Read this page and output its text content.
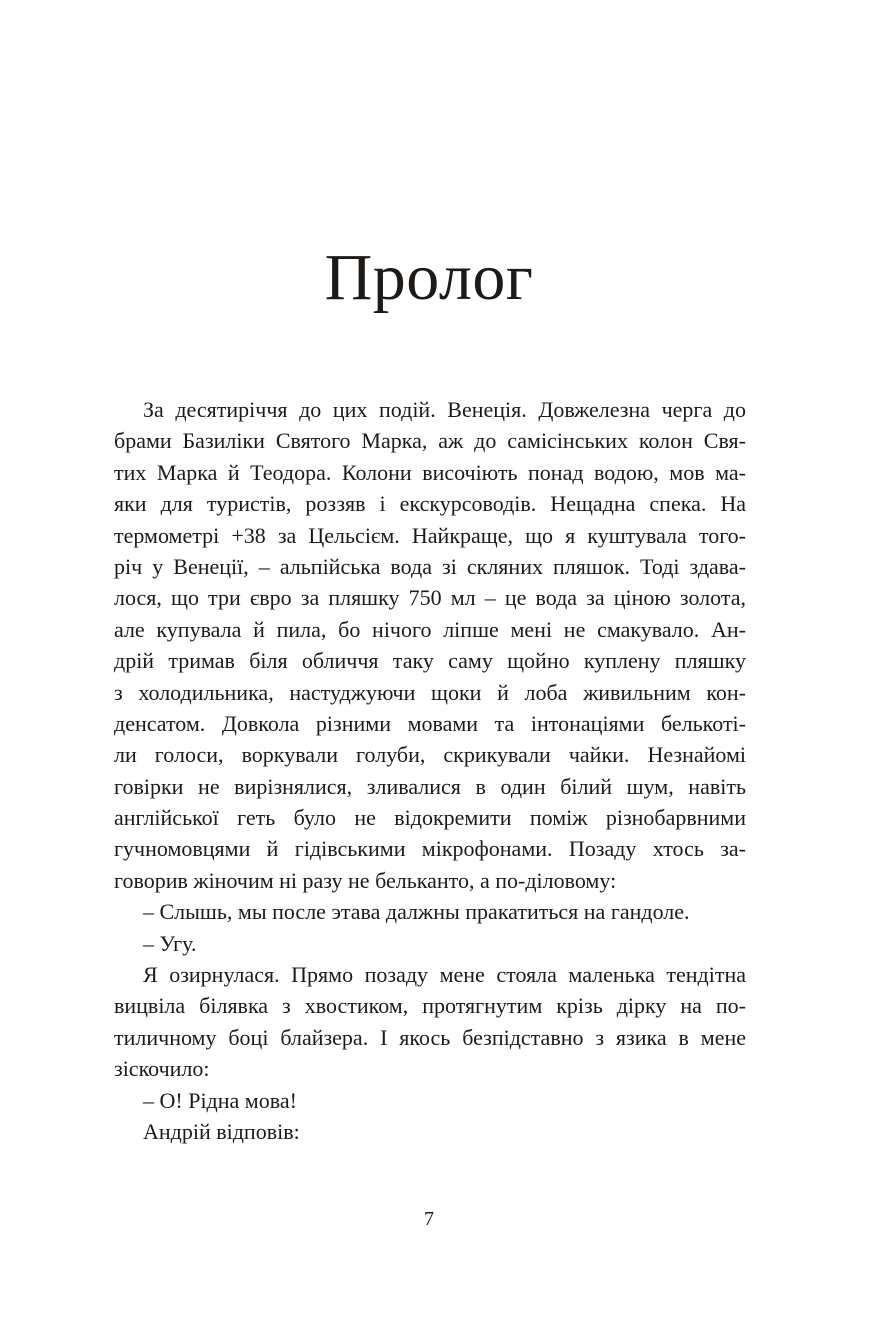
Пролог
За десятиріччя до цих подій. Венеція. Довжелезна черга до
брами Базиліки Святого Марка, аж до самісінських колон Свя-
тих Марка й Теодора. Колони височіють понад водою, мов ма-
яки для туристів, роззяв і екскурсоводів. Нещадна спека. На
термометрі +38 за Цельсієм. Найкраще, що я куштувала того-
річ у Венеції, – альпійська вода зі скляних пляшок. Тоді здава-
лося, що три євро за пляшку 750 мл – це вода за ціною золота,
але купувала й пила, бо нічого ліпше мені не смакувало. Ан-
дрій тримав біля обличчя таку саму щойно куплену пляшку
з холодильника, настуджуючи щоки й лоба живильним кон-
денсатом. Довкола різними мовами та інтонаціями белькоті-
ли голоси, воркували голуби, скрикували чайки. Незнайомі
говірки не вирізнялися, зливалися в один білий шум, навіть
англійської геть було не відокремити поміж різнобарвними
гучномовцями й гідівськими мікрофонами. Позаду хтось за-
говорив жіночим ні разу не бельканто, а по-діловому:
– Слышь, мы после этава далжны пракатиться на гандоле.
– Угу.
Я озирнулася. Прямо позаду мене стояла маленька тендітна
вицвіла білявка з хвостиком, протягнутим крізь дірку на по-
тиличному боці блайзера. І якось безпідставно з язика в мене
зіскочило:
– О! Рідна мова!
Андрій відповів:
7
